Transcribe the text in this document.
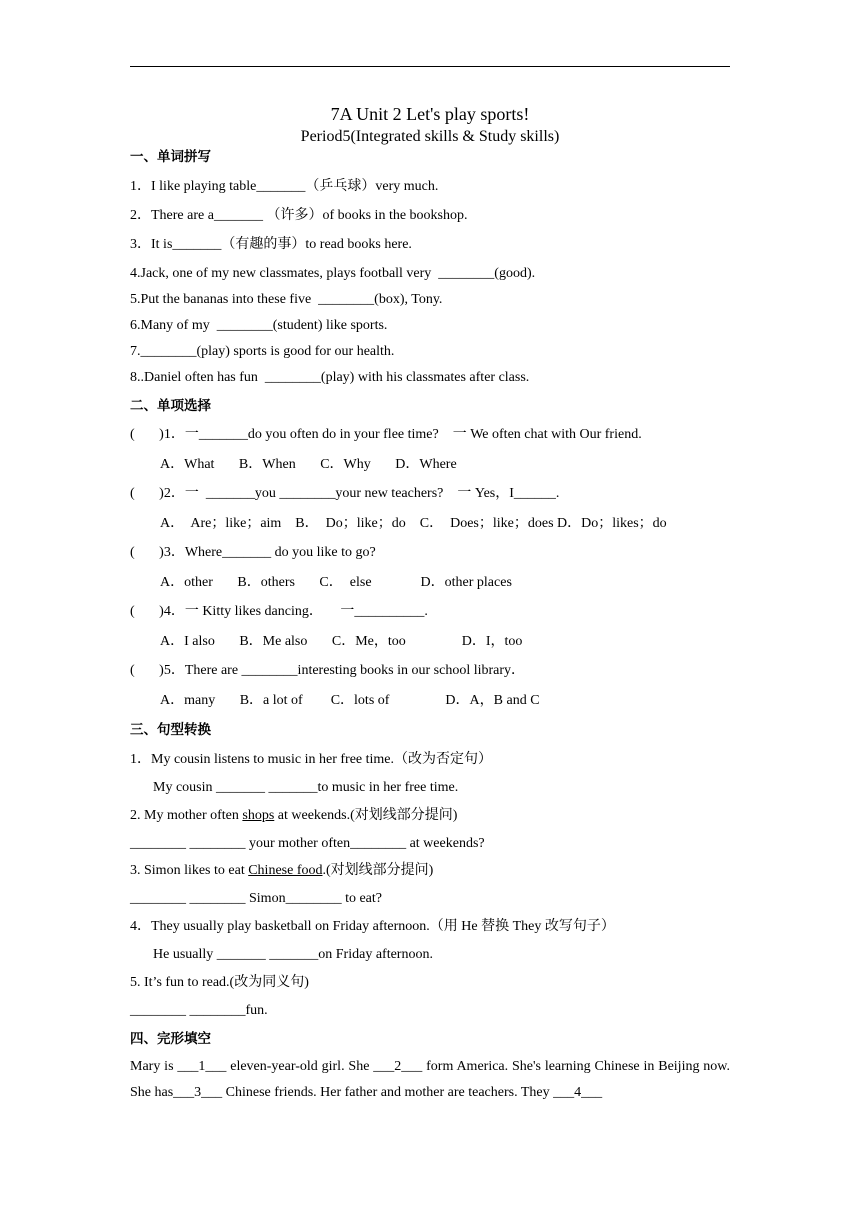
7A Unit 2 Let's play sports!
Period5(Integrated skills & Study skills)
一、单词拼写
1．I like playing table_______（乒乓球）very much.
2．There are a_______ （许多）of books in the bookshop.
3．It is_______（有趣的事）to read books here.
4.Jack, one of my new classmates, plays football very  ________(good).
5.Put the bananas into these five  ________(box), Tony.
6.Many of my  ________(student) like sports.
7.________(play) sports is good for our health.
8..Daniel often has fun  ________(play) with his classmates after class.
二、单项选择
(       )1．一_______do you often do in your flee time?    一 We often chat with Our friend.
A．What       B．When       C．Why       D．Where
(       )2．一  _______you ________your new teachers?    一 Yes，I______.
A．  Are；like；aim    B．  Do；like；do    C．  Does；like；does D．Do；likes；do
(       )3．Where_______ do you like to go?
A．other       B．others       C．  else              D．other places
(       )4．一 Kitty likes dancing．     一__________.
A．I also       B．Me also       C．Me，too                D．I，too
(       )5．There are ________interesting books in our school library．
A．many       B．a lot of        C．lots of                D．A，B and C
三、句型转换
1．My cousin listens to music in her free time.（改为否定句）
My cousin _______ _______to music in her free time.
2. My mother often shops at weekends.(对划线部分提问)
________ ________ your mother often________ at weekends?
3. Simon likes to eat Chinese food.(对划线部分提问)
________ ________ Simon________ to eat?
4．They usually play basketball on Friday afternoon.（用 He 替换 They 改写句子）
He usually _______ _______on Friday afternoon.
5. It’s fun to read.(改为同义句)
________ ________fun.
四、完形填空
Mary is ___1___ eleven-year-old girl. She ___2___ form America. She's learning Chinese in Beijing now. She has___3___ Chinese friends. Her father and mother are teachers. They ___4___
